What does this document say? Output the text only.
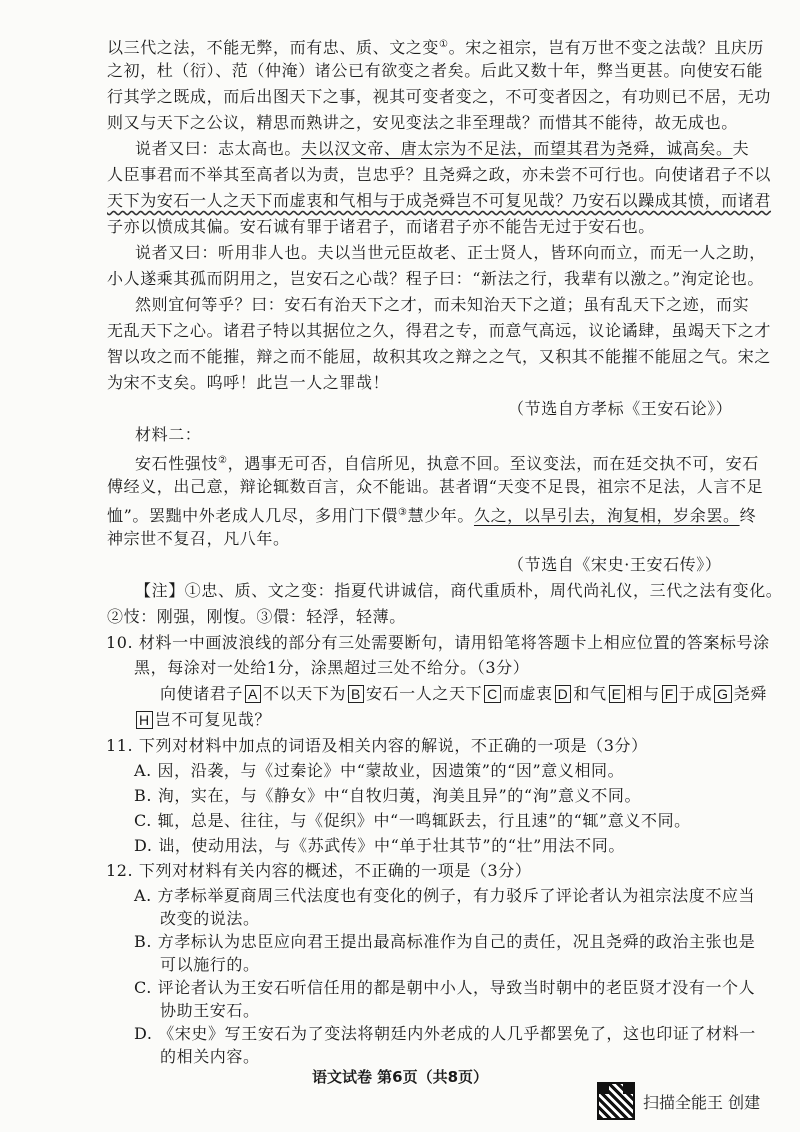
以三代之法，不能无弊，而有忠、质、文之变①。宋之祖宗，岂有万世不变之法哉？且庆历
之初，杜（衍）、范（仲淹）诸公已有欲变之者矣。后此又数十年，弊当更甚。向使安石能
行其学之既成，而后出图天下之事，视其可变者变之，不可变者因之，有功则已不居，无功
则又与天下之公议，精思而熟讲之，安见变法之非至理哉？而惜其不能待，故无成也。
说者又曰：志太高也。夫以汉文帝、唐太宗为不足法，而望其君为尧舜，诚高矣。夫
人臣事君而不举其至高者以为责，岂忠乎？且尧舜之政，亦未尝不可行也。向使诸君子不以
天下为安石一人之天下而虚衷和气相与于成尧舜岂不可复见哉？乃安石以躁成其愤，而诸君
子亦以愤成其偏。安石诚有罪于诸君子，而诸君子亦不能告无过于安石也。
说者又曰：听用非人也。夫以当世元臣故老、正士贤人，皆环向而立，而无一人之助，
小人遂乘其孤而阴用之，岂安石之心哉？程子曰：“新法之行，我辈有以激之。”洵定论也。
然则宜何等乎？曰：安石有治天下之才，而未知治天下之道；虽有乱天下之迹，而实
无乱天下之心。诸君子特以其据位之久，得君之专，而意气高远，议论谲肆，虽竭天下之才
智以攻之而不能摧，辩之而不能屈，故积其攻之辩之之气，又积其不能摧不能屈之气。宋之
为宋不支矣。呜呼！此岂一人之罪哉！
（节选自方孝标《王安石论》）
材料二：
安石性强忮②，遇事无可否，自信所见，执意不回。至议变法，而在廷交执不可，安石
傅经义，出己意，辩论辄数百言，众不能诎。甚者谓“天变不足畏，祖宗不足法，人言不足
恤”。罢黜中外老成人几尽，多用门下儇③慧少年。久之，以旱引去，洵复相，岁余罢。终
神宗世不复召，凡八年。
（节选自《宋史·王安石传》）
【注】①忠、质、文之变：指夏代讲诚信，商代重质朴，周代尚礼仪，三代之法有变化。
②忮：刚强，刚愎。③儇：轻浮，轻薄。
10. 材料一中画波浪线的部分有三处需要断句，请用铅笔将答题卡上相应位置的答案标号涂
黑，每涂对一处给1分，涂黑超过三处不给分。（3分）
向使诸君子 A 不以天下为 B 安石一人之天下 C 而虚衷 D 和气 E 相与 F 于成 G 尧舜
H 岂不可复见哉？
11. 下列对材料中加点的词语及相关内容的解说，不正确的一项是（3分）
A. 因，沿袭，与《过秦论》中“蒙故业，因遗策”的“因”意义相同。
B. 洵，实在，与《静女》中“自牧归荑，洵美且异”的“洵”意义不同。
C. 辄，总是、往往，与《促织》中“一鸣辄跃去，行且速”的“辄”意义不同。
D. 诎，使动用法，与《苏武传》中“单于壮其节”的“壮”用法不同。
12. 下列对材料有关内容的概述，不正确的一项是（3分）
A. 方孝标举夏商周三代法度也有变化的例子，有力驳斥了评论者认为祖宗法度不应当
改变的说法。
B. 方孝标认为忠臣应向君王提出最高标准作为自己的责任，况且尧舜的政治主张也是
可以施行的。
扫描全能王 创建
C. 评论者认为王安石听信任用的都是朝中小人，导致当时朝中的老臣贤才没有一个人
协助王安石。
D. 《宋史》写王安石为了变法将朝廷内外老成的人几乎都罢免了，这也印证了材料一
的相关内容。
语文试卷 第6页（共8页）
